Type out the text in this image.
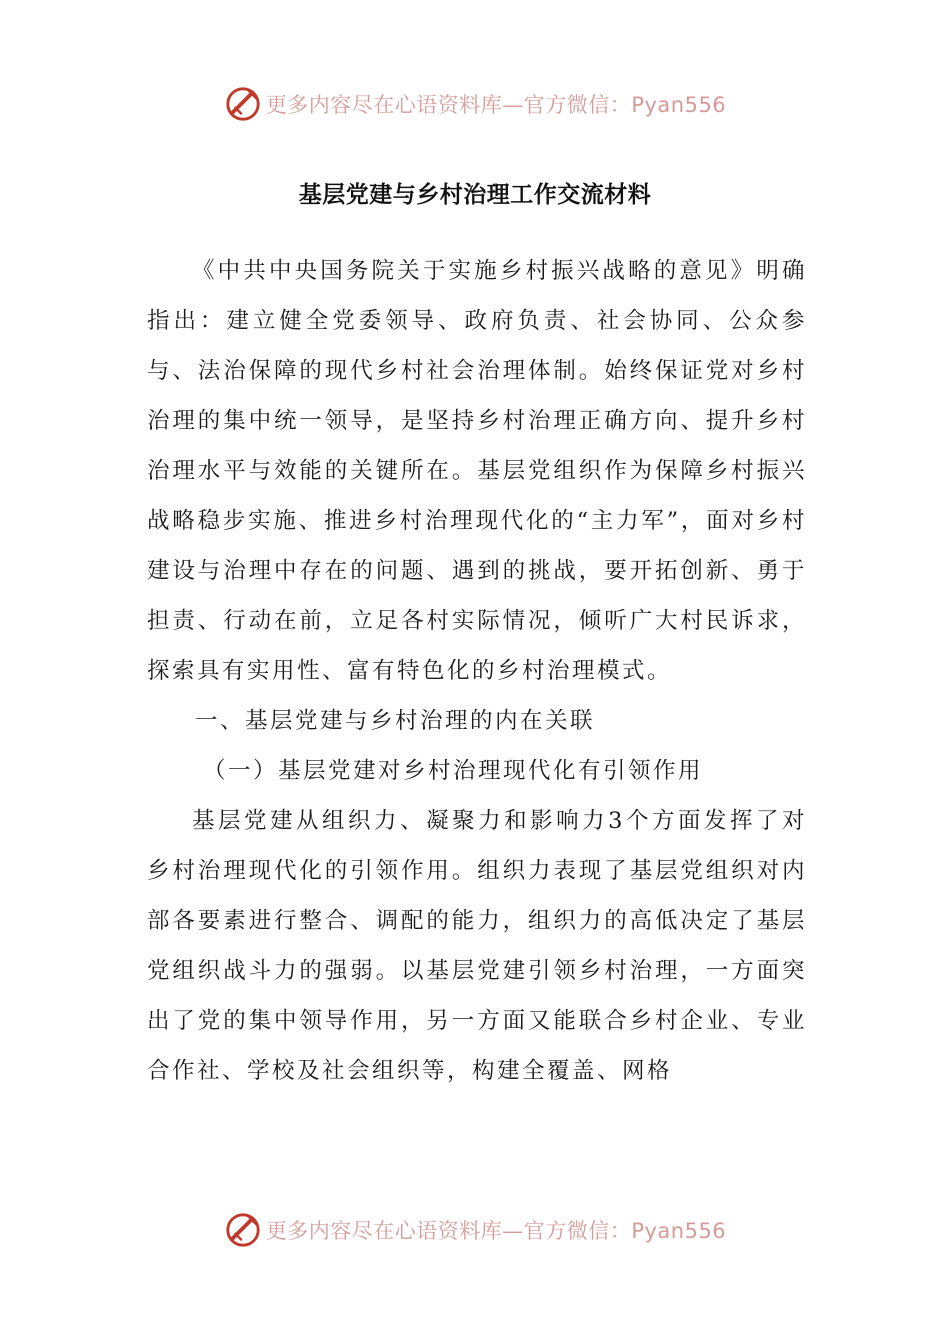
更多内容尽在心语资料库—官方微信：Pyan556
基层党建与乡村治理工作交流材料

《中共中央国务院关于实施乡村振兴战略的意见》明确指出：建立健全党委领导、政府负责、社会协同、公众参与、法治保障的现代乡村社会治理体制。始终保证党对乡村治理的集中统一领导，是坚持乡村治理正确方向、提升乡村治理水平与效能的关键所在。基层党组织作为保障乡村振兴战略稳步实施、推进乡村治理现代化的“主力军”，面对乡村建设与治理中存在的问题、遇到的挑战，要开拓创新、勇于担责、行动在前，立足各村实际情况，倾听广大村民诉求，探索具有实用性、富有特色化的乡村治理模式。

一、基层党建与乡村治理的内在关联

（一）基层党建对乡村治理现代化有引领作用

基层党建从组织力、凝聚力和影响力3个方面发挥了对乡村治理现代化的引领作用。组织力表现了基层党组织对内部各要素进行整合、调配的能力，组织力的高低决定了基层党组织战斗力的强弱。以基层党建引领乡村治理，一方面突出了党的集中领导作用，另一方面又能联合乡村企业、专业合作社、学校及社会组织等，构建全覆盖、网格

更多内容尽在心语资料库—官方微信：Pyan556
